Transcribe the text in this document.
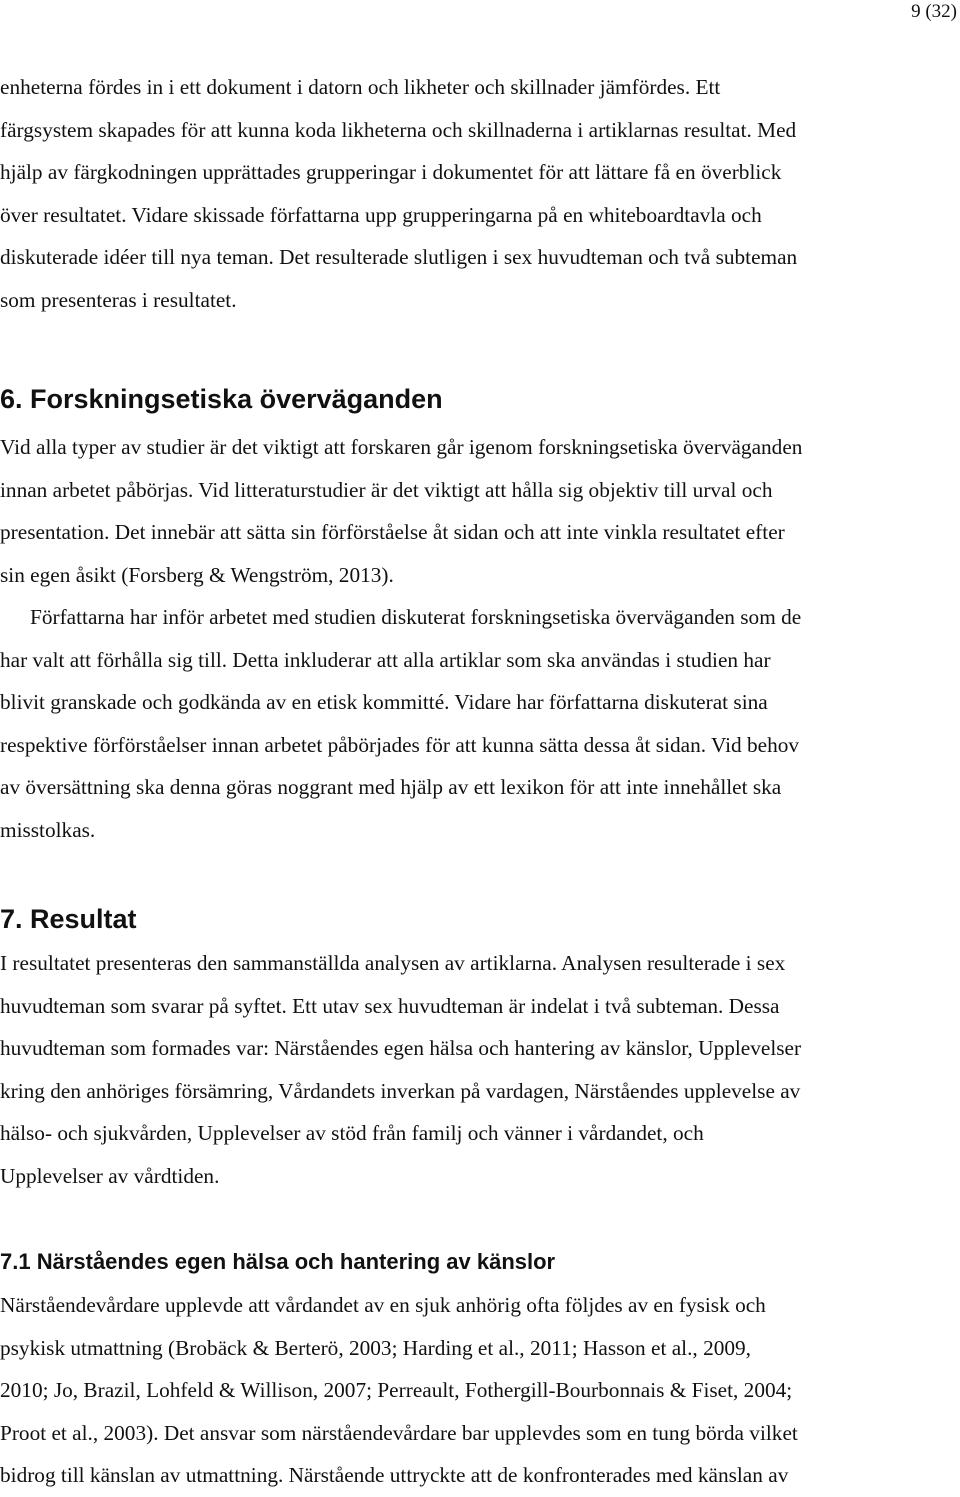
9 (32)

enheterna fördes in i ett dokument i datorn och likheter och skillnader jämfördes. Ett
färgsystem skapades för att kunna koda likheterna och skillnaderna i artiklarnas resultat. Med
hjälp av färgkodningen upprättades grupperingar i dokumentet för att lättare få en överblick
över resultatet. Vidare skissade författarna upp grupperingarna på en whiteboardtavla och
diskuterade idéer till nya teman. Det resulterade slutligen i sex huvudteman och två subteman
som presenteras i resultatet.

6. Forskningsetiska överväganden

Vid alla typer av studier är det viktigt att forskaren går igenom forskningsetiska överväganden
innan arbetet påbörjas. Vid litteraturstudier är det viktigt att hålla sig objektiv till urval och
presentation. Det innebär att sätta sin förförståelse åt sidan och att inte vinkla resultatet efter
sin egen åsikt (Forsberg & Wengström, 2013).

Författarna har inför arbetet med studien diskuterat forskningsetiska överväganden som de
har valt att förhålla sig till. Detta inkluderar att alla artiklar som ska användas i studien har
blivit granskade och godkända av en etisk kommitté. Vidare har författarna diskuterat sina
respektive förförståelser innan arbetet påbörjades för att kunna sätta dessa åt sidan. Vid behov
av översättning ska denna göras noggrant med hjälp av ett lexikon för att inte innehållet ska
misstolkas.

7. Resultat

I resultatet presenteras den sammanställda analysen av artiklarna. Analysen resulterade i sex
huvudteman som svarar på syftet. Ett utav sex huvudteman är indelat i två subteman. Dessa
huvudteman som formades var: Närståendes egen hälsa och hantering av känslor, Upplevelser
kring den anhöriges försämring, Vårdandets inverkan på vardagen, Närståendes upplevelse av
hälso- och sjukvården, Upplevelser av stöd från familj och vänner i vårdandet, och
Upplevelser av vårdtiden.

7.1 Närståendes egen hälsa och hantering av känslor

Närståendevårdare upplevde att vårdandet av en sjuk anhörig ofta följdes av en fysisk och
psykisk utmattning (Brobäck & Berterö, 2003; Harding et al., 2011; Hasson et al., 2009,
2010; Jo, Brazil, Lohfeld & Willison, 2007; Perreault, Fothergill-Bourbonnais & Fiset, 2004;
Proot et al., 2003). Det ansvar som närståendevårdare bar upplevdes som en tung börda vilket
bidrog till känslan av utmattning. Närstående uttryckte att de konfronterades med känslan av
